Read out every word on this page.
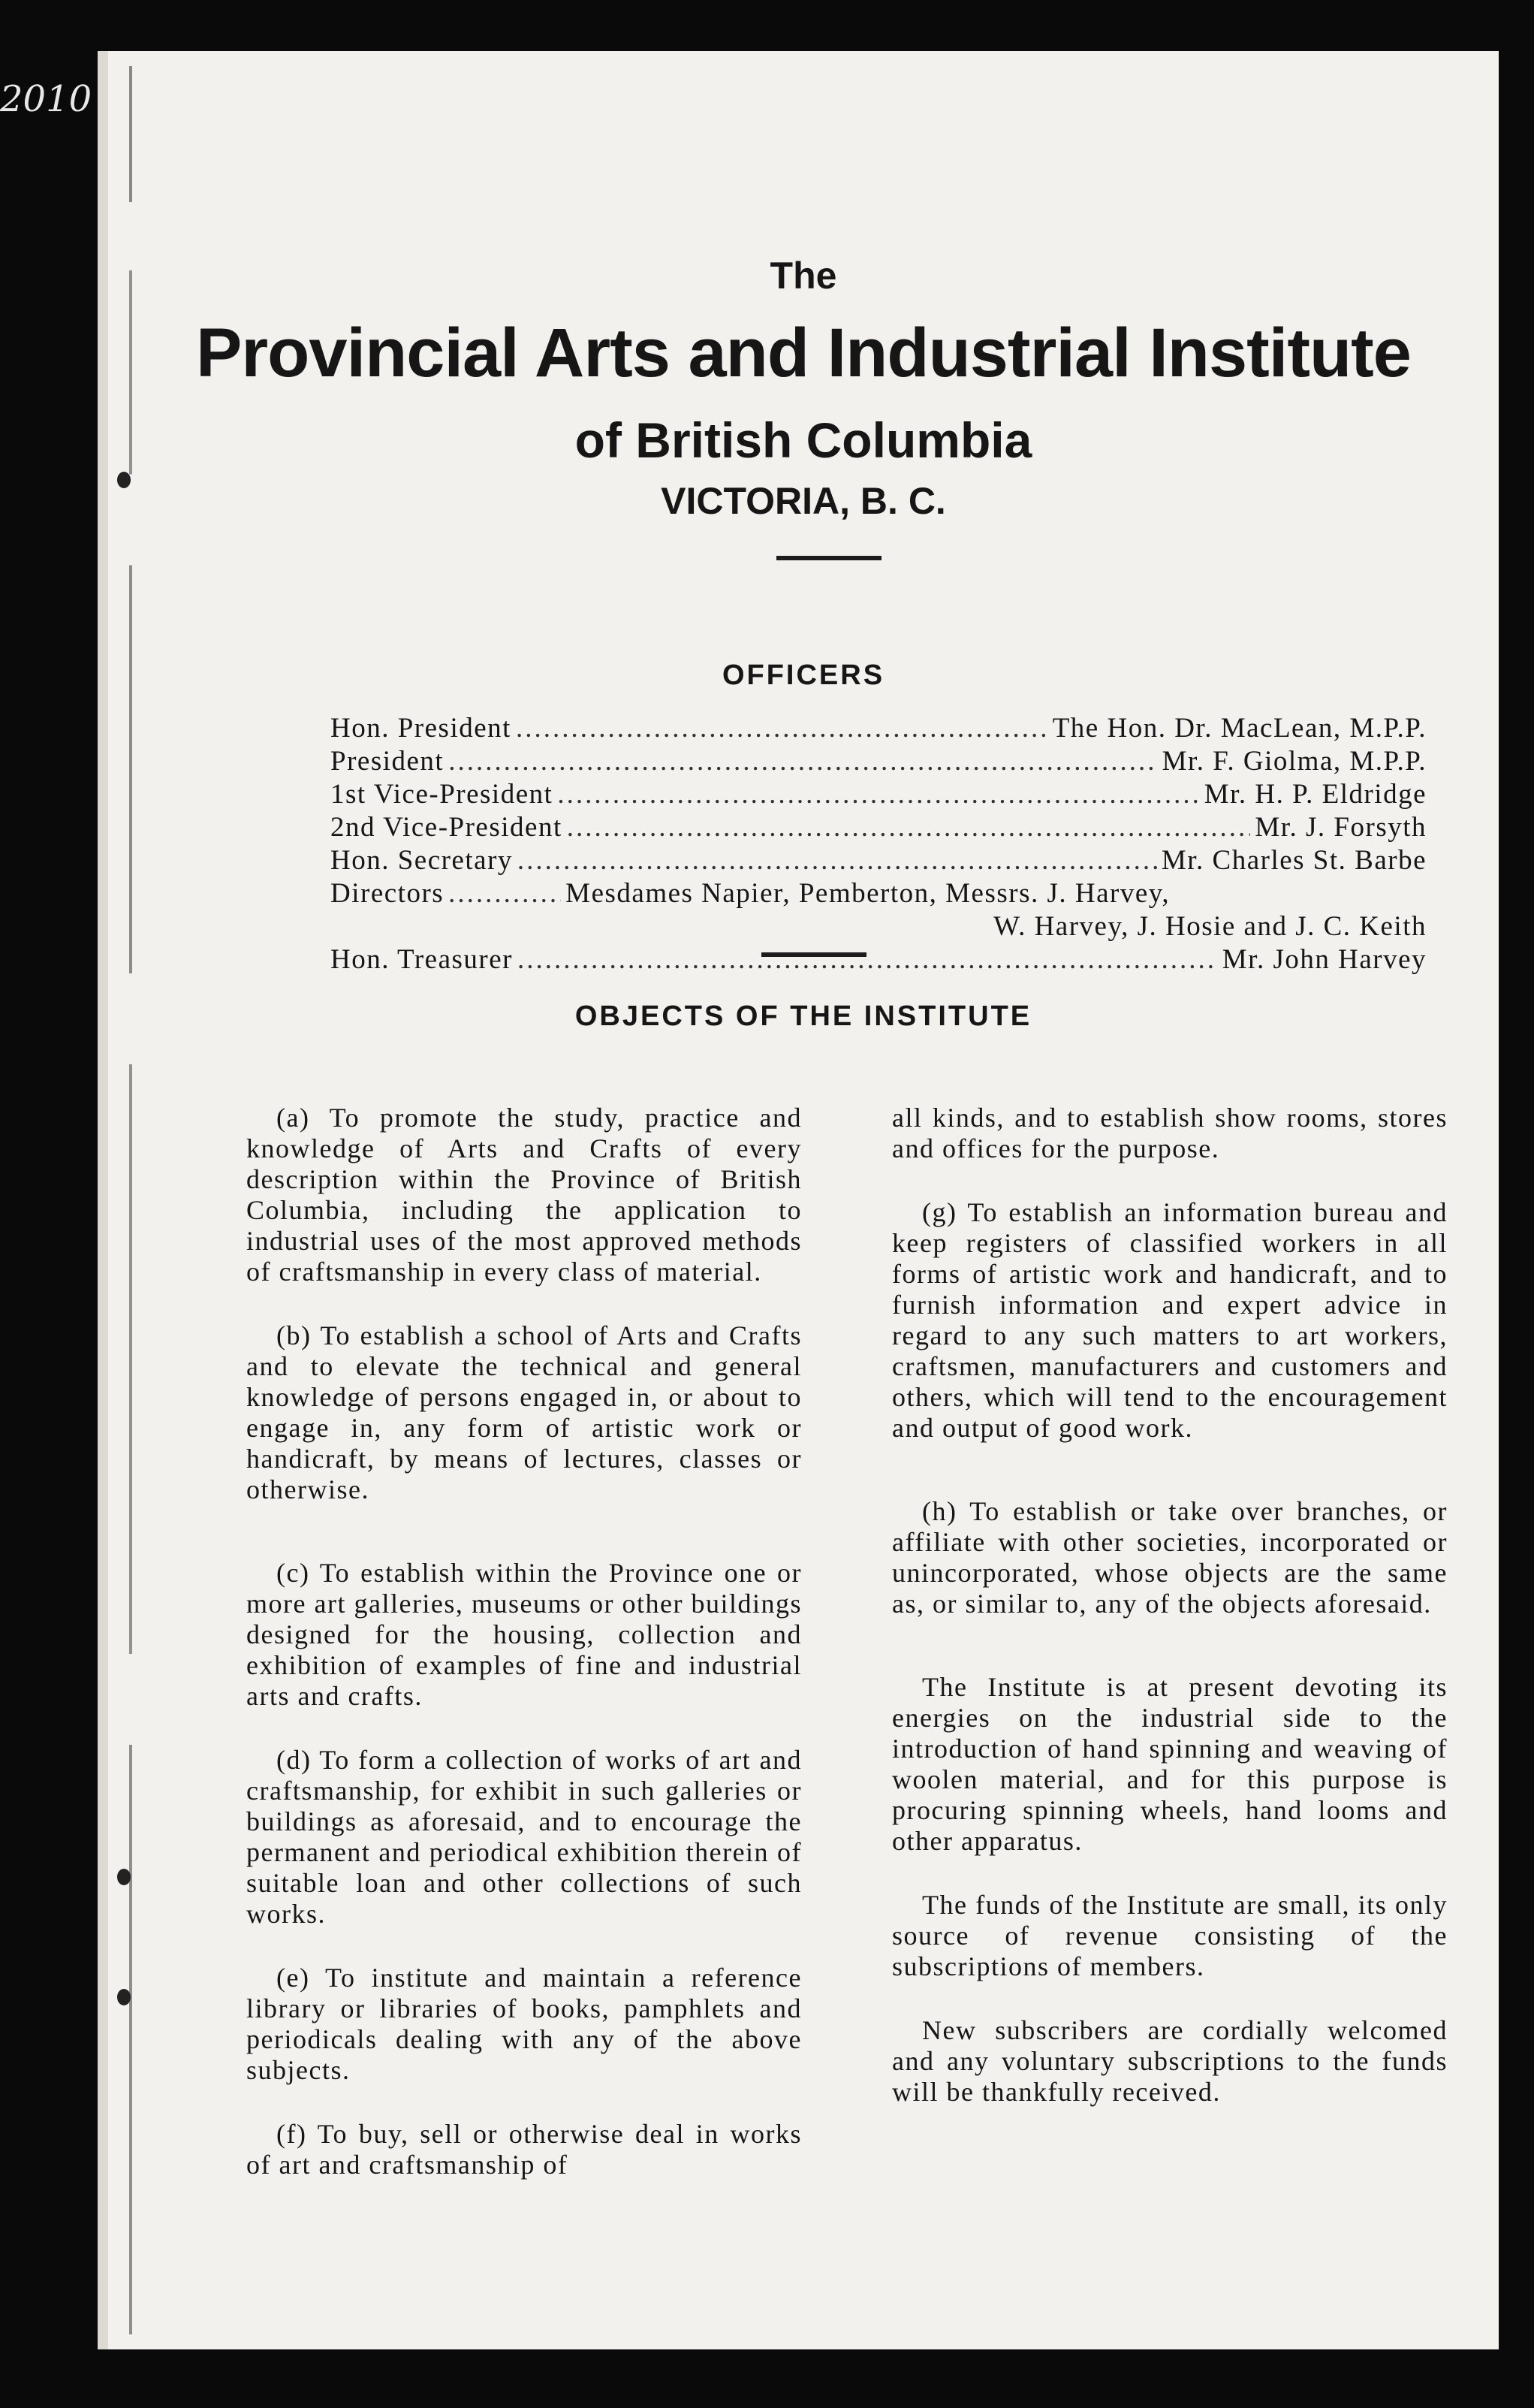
2010
The
Provincial Arts and Industrial Institute
of British Columbia
VICTORIA, B. C.
OFFICERS
Hon. President .....	The Hon. Dr. MacLean, M.P.P.
President .....	Mr. F. Giolma, M.P.P.
1st Vice-President .....	Mr. H. P. Eldridge
2nd Vice-President .....	Mr. J. Forsyth
Hon. Secretary .....	Mr. Charles St. Barbe
Directors .....	Mesdames Napier, Pemberton, Messrs. J. Harvey,
W. Harvey, J. Hosie and J. C. Keith
Hon. Treasurer .....	Mr. John Harvey
OBJECTS OF THE INSTITUTE

(a) To promote the study, practice and knowledge of Arts and Crafts of every description within the Province of British Columbia, including the application to industrial uses of the most approved methods of craftsmanship in every class of material.

(b) To establish a school of Arts and Crafts and to elevate the technical and general knowledge of persons engaged in, or about to engage in, any form of artistic work or handicraft, by means of lectures, classes or otherwise.

(c) To establish within the Province one or more art galleries, museums or other buildings designed for the housing, collection and exhibition of examples of fine and industrial arts and crafts.

(d) To form a collection of works of art and craftsmanship, for exhibit in such galleries or buildings as aforesaid, and to encourage the permanent and periodical exhibition therein of suitable loan and other collections of such works.

(e) To institute and maintain a reference library or libraries of books, pamphlets and periodicals dealing with any of the above subjects.

(f) To buy, sell or otherwise deal in works of art and craftsmanship of

all kinds, and to establish show rooms, stores and offices for the purpose.

(g) To establish an information bureau and keep registers of classified workers in all forms of artistic work and handicraft, and to furnish information and expert advice in regard to any such matters to art workers, craftsmen, manufacturers and customers and others, which will tend to the encouragement and output of good work.

(h) To establish or take over branches, or affiliate with other societies, incorporated or unincorporated, whose objects are the same as, or similar to, any of the objects aforesaid.

The Institute is at present devoting its energies on the industrial side to the introduction of hand spinning and weaving of woolen material, and for this purpose is procuring spinning wheels, hand looms and other apparatus.

The funds of the Institute are small, its only source of revenue consisting of the subscriptions of members.

New subscribers are cordially welcomed and any voluntary subscriptions to the funds will be thankfully received.
